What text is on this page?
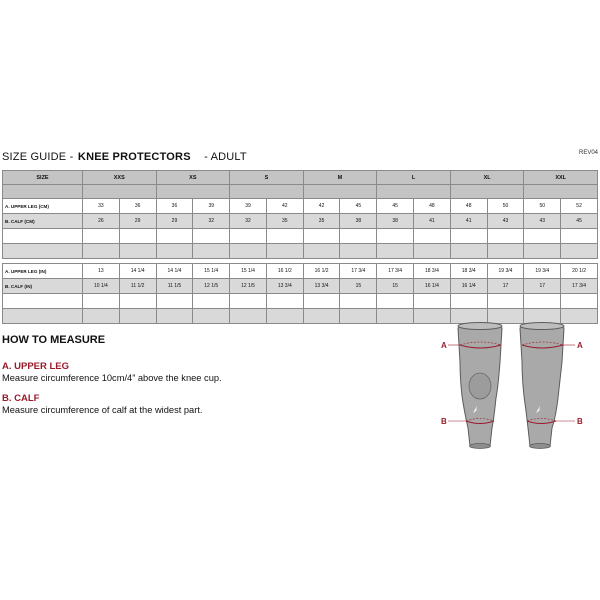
SIZE GUIDE - KNEE PROTECTORS - ADULT	REV04
SIZE	XXS		XS		S		M		L		XL		XXL	

A. UPPER LEG (CM)	33	36	36	39	39	42	42	45	45	48	48	50	50	52
B. CALF (CM)	26	29	29	32	32	35	35	38	38	41	41	43	43	45

A. UPPER LEG (IN)	13	14 1/4	14 1/4	15 1/4	15 1/4	16 1/2	16 1/2	17 3/4	17 3/4	18 3/4	18 3/4	19 3/4	19 3/4	20 1/2
B. CALF (IN)	10 1/4	11 1/2	11 1/5	12 1/5	12 1/5	13 3/4	13 3/4	15	15	16 1/4	16 1/4	17	17	17 3/4

HOW TO MEASURE
A. UPPER LEG
Measure circumference 10cm/4” above the knee cup.
B. CALF
Measure circumference of calf at the widest part.
A	A
B	B
